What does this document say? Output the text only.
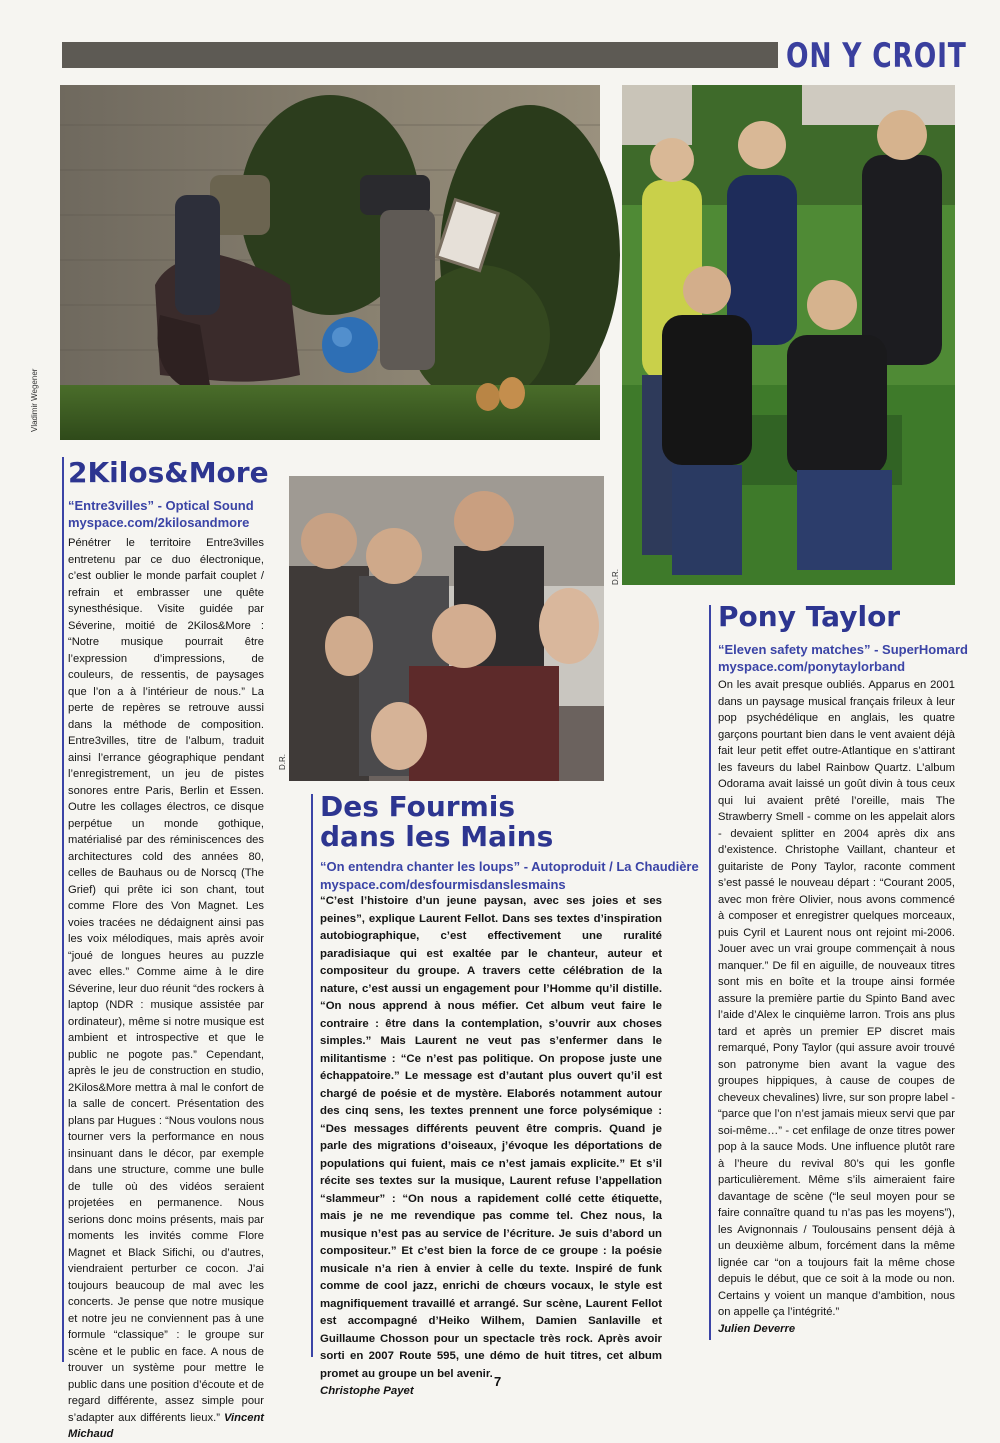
ON Y CROIT
Vladimir Wegener
D.R.
2Kilos&More
“Entre3villes” - Optical Sound
myspace.com/2kilosandmore
Pénétrer le territoire Entre3villes entretenu par ce duo électronique, c’est oublier le monde parfait couplet / refrain et embrasser une quête synesthésique. Visite guidée par Séverine, moitié de 2Kilos&More : “Notre musique pourrait être l’expression d’impressions, de couleurs, de ressentis, de paysages que l’on a à l’intérieur de nous.” La perte de repères se retrouve aussi dans la méthode de composition. Entre3villes, titre de l’album, traduit ainsi l’errance géographique pendant l’enregistrement, un jeu de pistes sonores entre Paris, Berlin et Essen. Outre les collages électros, ce disque perpétue un monde gothique, matérialisé par des réminiscences des architectures cold des années 80, celles de Bauhaus ou de Norscq (The Grief) qui prête ici son chant, tout comme Flore des Von Magnet. Les voies tracées ne dédaignent ainsi pas les voix mélodiques, mais après avoir “joué de longues heures au puzzle avec elles.” Comme aime à le dire Séverine, leur duo réunit “des rockers à laptop (NDR : musique assistée par ordinateur), même si notre musique est ambient et introspective et que le public ne pogote pas.” Cependant, après le jeu de construction en studio, 2Kilos&More mettra à mal le confort de la salle de concert. Présentation des plans par Hugues : “Nous voulons nous tourner vers la performance en nous insinuant dans le décor, par exemple dans une structure, comme une bulle de tulle où des vidéos seraient projetées en permanence. Nous serions donc moins présents, mais par moments les invités comme Flore Magnet et Black Sifichi, ou d’autres, viendraient perturber ce cocon. J’ai toujours beaucoup de mal avec les concerts. Je pense que notre musique et notre jeu ne conviennent pas à une formule “classique” : le groupe sur scène et le public en face. A nous de trouver un système pour mettre le public dans une position d’écoute et de regard différente, assez simple pour s’adapter aux différents lieux.” Vincent Michaud
D.R.
Des Fourmis
dans les Mains
“On entendra chanter les loups” - Autoproduit / La Chaudière
myspace.com/desfourmisdanslesmains
“C’est l’histoire d’un jeune paysan, avec ses joies et ses peines”, explique Laurent Fellot. Dans ses textes d’inspiration autobiographique, c’est effectivement une ruralité paradisiaque qui est exaltée par le chanteur, auteur et compositeur du groupe. A travers cette célébration de la nature, c’est aussi un engagement pour l’Homme qu’il distille. “On nous apprend à nous méfier. Cet album veut faire le contraire : être dans la contemplation, s’ouvrir aux choses simples.” Mais Laurent ne veut pas s’enfermer dans le militantisme : “Ce n’est pas politique. On propose juste une échappatoire.” Le message est d’autant plus ouvert qu’il est chargé de poésie et de mystère. Elaborés notamment autour des cinq sens, les textes prennent une force polysémique : “Des messages différents peuvent être compris. Quand je parle des migrations d’oiseaux, j’évoque les déportations de populations qui fuient, mais ce n’est jamais explicite.” Et s’il récite ses textes sur la musique, Laurent refuse l’appellation “slammeur” : “On nous a rapidement collé cette étiquette, mais je ne me revendique pas comme tel. Chez nous, la musique n’est pas au service de l’écriture. Je suis d’abord un compositeur.” Et c’est bien la force de ce groupe : la poésie musicale n’a rien à envier à celle du texte. Inspiré de funk comme de cool jazz, enrichi de chœurs vocaux, le style est magnifiquement travaillé et arrangé. Sur scène, Laurent Fellot est accompagné d’Heiko Wilhem, Damien Sanlaville et Guillaume Chosson pour un spectacle très rock. Après avoir sorti en 2007 Route 595, une démo de huit titres, cet album promet au groupe un bel avenir.
Christophe Payet
Pony Taylor
“Eleven safety matches” - SuperHomard
myspace.com/ponytaylorband
On les avait presque oubliés. Apparus en 2001 dans un paysage musical français frileux à leur pop psychédélique en anglais, les quatre garçons pourtant bien dans le vent avaient déjà fait leur petit effet outre-Atlantique en s’attirant les faveurs du label Rainbow Quartz. L’album Odorama avait laissé un goût divin à tous ceux qui lui avaient prêté l’oreille, mais The Strawberry Smell - comme on les appelait alors - devaient splitter en 2004 après dix ans d’existence. Christophe Vaillant, chanteur et guitariste de Pony Taylor, raconte comment s’est passé le nouveau départ : “Courant 2005, avec mon frère Olivier, nous avons commencé à composer et enregistrer quelques morceaux, puis Cyril et Laurent nous ont rejoint mi-2006. Jouer avec un vrai groupe commençait à nous manquer.” De fil en aiguille, de nouveaux titres sont mis en boîte et la troupe ainsi formée assure la première partie du Spinto Band avec l’aide d’Alex le cinquième larron. Trois ans plus tard et après un premier EP discret mais remarqué, Pony Taylor (qui assure avoir trouvé son patronyme bien avant la vague des groupes hippiques, à cause de coupes de cheveux chevalines) livre, sur son propre label - “parce que l’on n’est jamais mieux servi que par soi-même…” - cet enfilage de onze titres power pop à la sauce Mods. Une influence plutôt rare à l’heure du revival 80’s qui les gonfle particulièrement. Même s’ils aimeraient faire davantage de scène (“le seul moyen pour se faire connaître quand tu n’as pas les moyens”), les Avignonnais / Toulousains pensent déjà à un deuxième album, forcément dans la même lignée car “on a toujours fait la même chose depuis le début, que ce soit à la mode ou non. Certains y voient un manque d’ambition, nous on appelle ça l’intégrité.”
Julien Deverre
7
